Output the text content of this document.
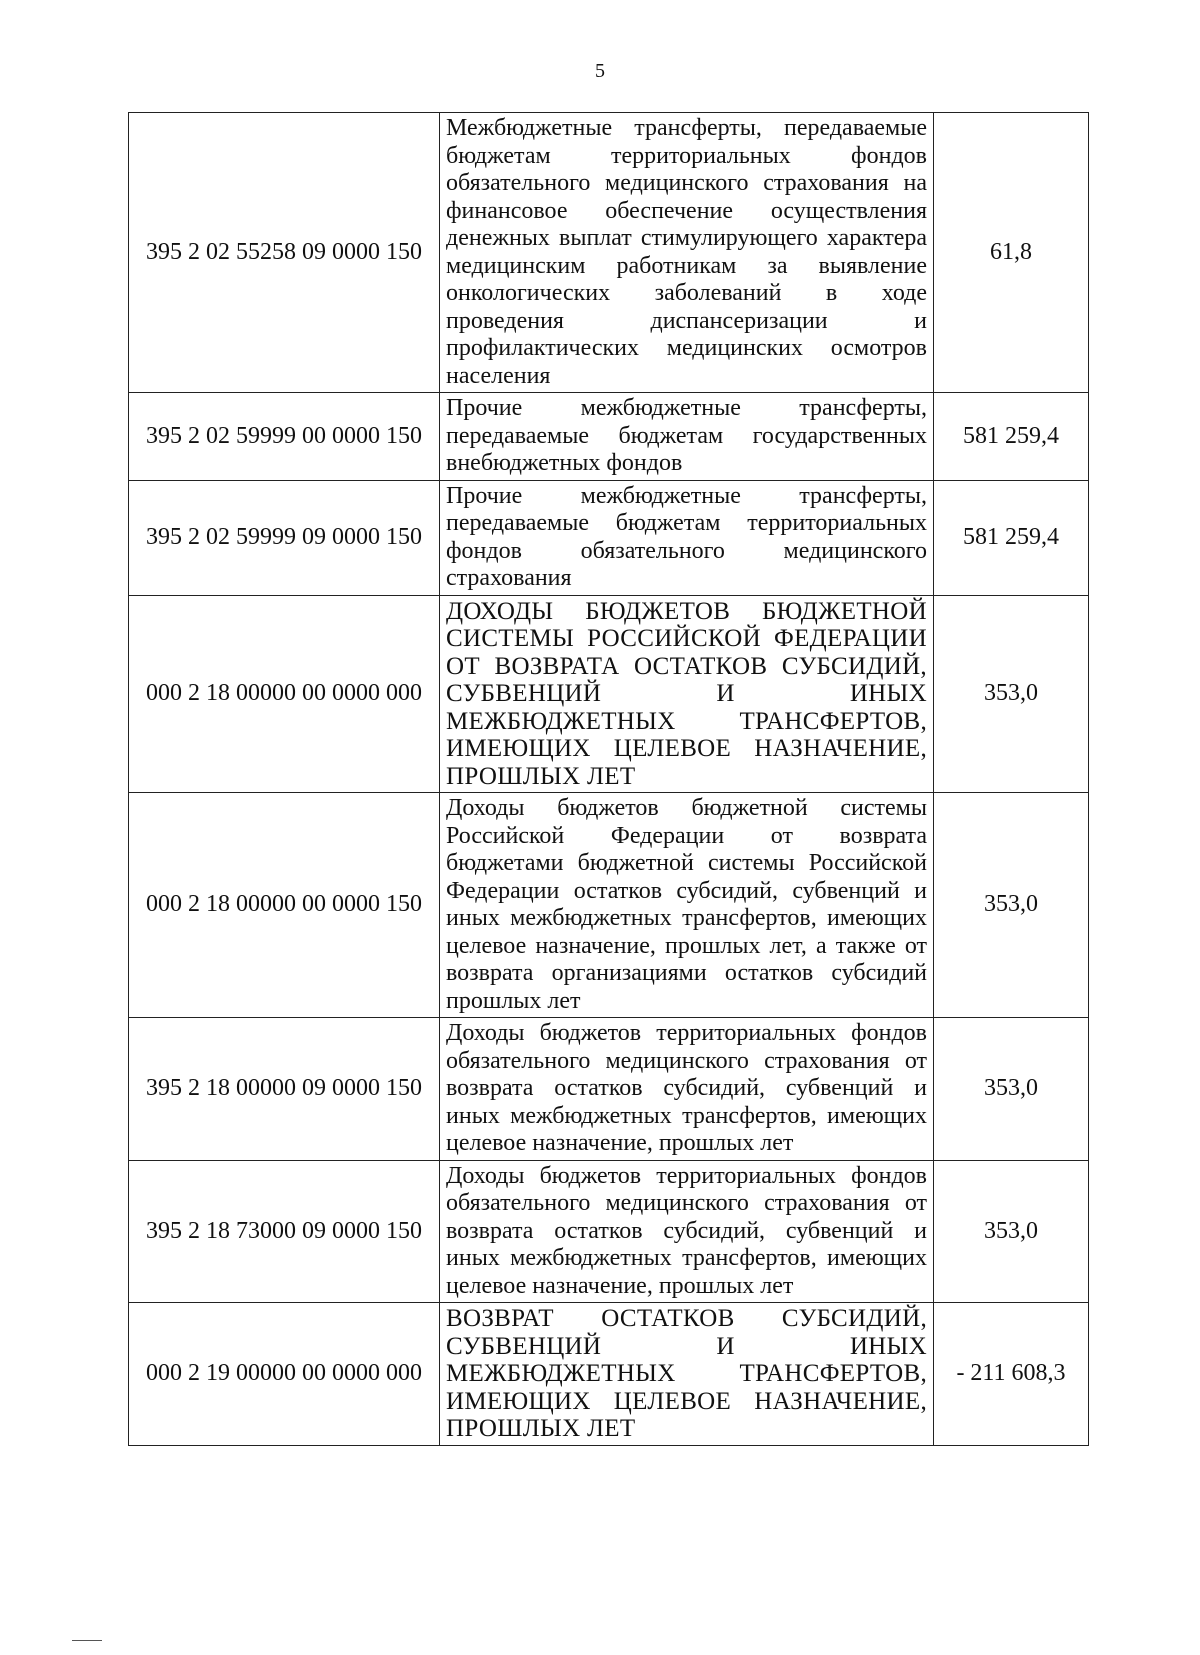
5
395 2 02 55258 09 0000 150	Межбюджетные трансферты, передаваемые бюджетам территориальных фондов обязательного медицинского страхования на финансовое обеспечение осуществления денежных выплат стимулирующего характера медицинским работникам за выявление онкологических заболеваний в ходе проведения диспансеризации и профилактических медицинских осмотров населения	61,8
395 2 02 59999 00 0000 150	Прочие межбюджетные трансферты, передаваемые бюджетам государственных внебюджетных фондов	581 259,4
395 2 02 59999 09 0000 150	Прочие межбюджетные трансферты, передаваемые бюджетам территориальных фондов обязательного медицинского страхования	581 259,4
000 2 18 00000 00 0000 000	ДОХОДЫ БЮДЖЕТОВ БЮДЖЕТНОЙ СИСТЕМЫ РОССИЙСКОЙ ФЕДЕРАЦИИ ОТ ВОЗВРАТА ОСТАТКОВ СУБСИДИЙ, СУБВЕНЦИЙ И ИНЫХ МЕЖБЮДЖЕТНЫХ ТРАНСФЕРТОВ, ИМЕЮЩИХ ЦЕЛЕВОЕ НАЗНАЧЕНИЕ, ПРОШЛЫХ ЛЕТ	353,0
000 2 18 00000 00 0000 150	Доходы бюджетов бюджетной системы Российской Федерации от возврата бюджетами бюджетной системы Российской Федерации остатков субсидий, субвенций и иных межбюджетных трансфертов, имеющих целевое назначение, прошлых лет, а также от возврата организациями остатков субсидий прошлых лет	353,0
395 2 18 00000 09 0000 150	Доходы бюджетов территориальных фондов обязательного медицинского страхования от возврата остатков субсидий, субвенций и иных межбюджетных трансфертов, имеющих целевое назначение, прошлых лет	353,0
395 2 18 73000 09 0000 150	Доходы бюджетов территориальных фондов обязательного медицинского страхования от возврата остатков субсидий, субвенций и иных межбюджетных трансфертов, имеющих целевое назначение, прошлых лет	353,0
000 2 19 00000 00 0000 000	ВОЗВРАТ ОСТАТКОВ СУБСИДИЙ, СУБВЕНЦИЙ И ИНЫХ МЕЖБЮДЖЕТНЫХ ТРАНСФЕРТОВ, ИМЕЮЩИХ ЦЕЛЕВОЕ НАЗНАЧЕНИЕ, ПРОШЛЫХ ЛЕТ	- 211 608,3
